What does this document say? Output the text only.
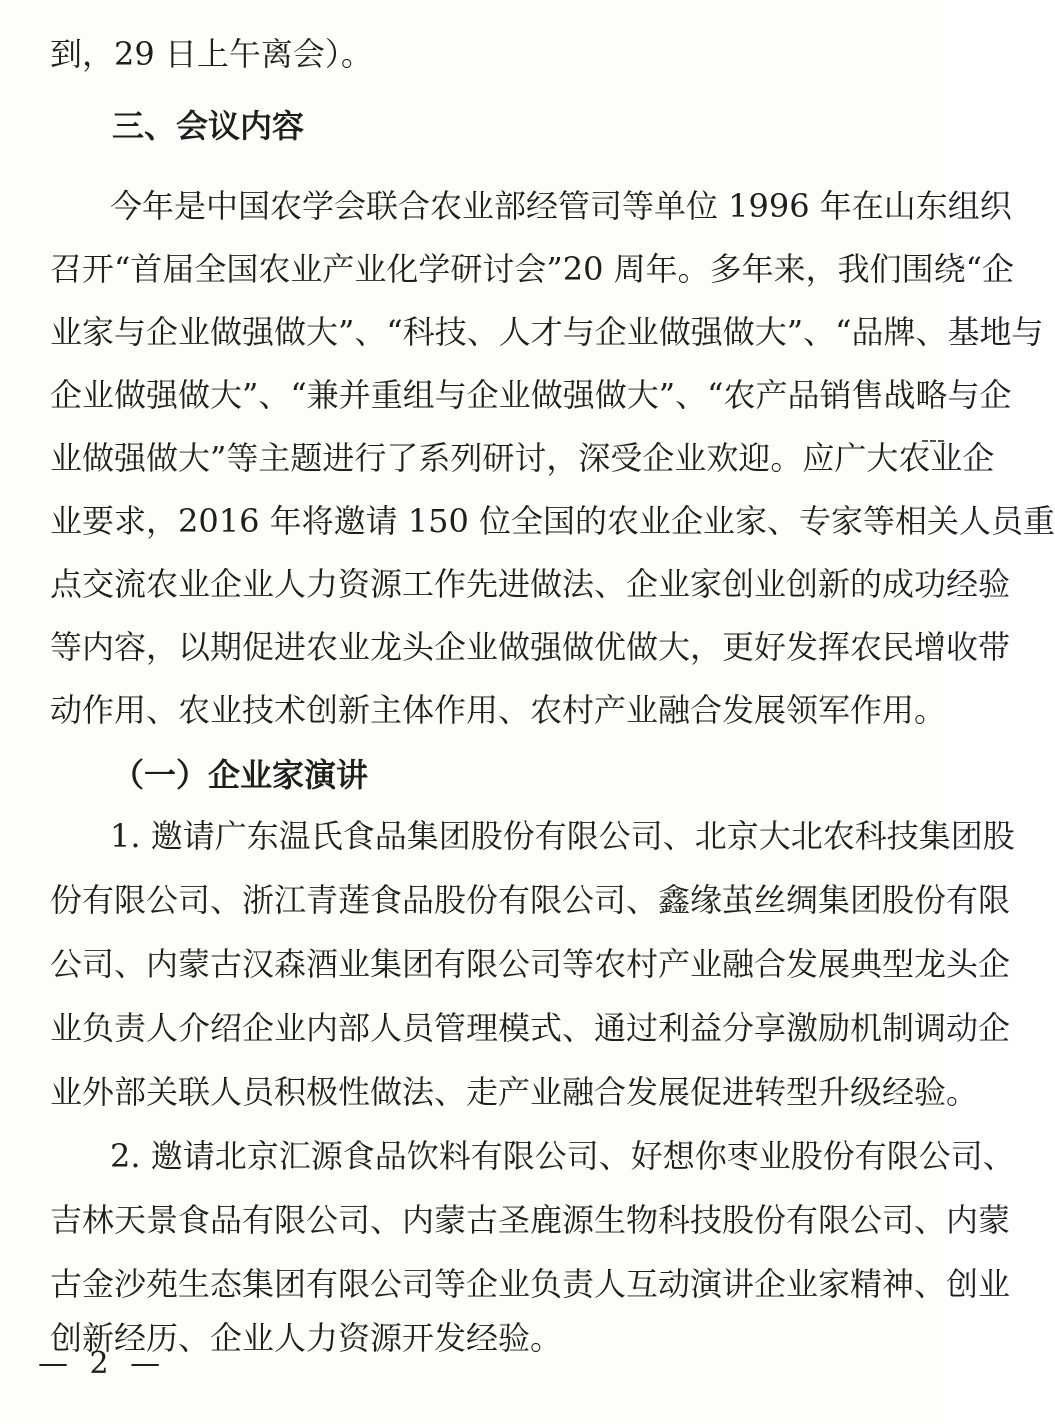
到，29 日上午离会）。
三、会议内容
今年是中国农学会联合农业部经管司等单位 1996 年在山东组织
召开“首届全国农业产业化学研讨会”20 周年。多年来，我们围绕“企
业家与企业做强做大”、“科技、人才与企业做强做大”、“品牌、基地与
企业做强做大”、“兼并重组与企业做强做大”、“农产品销售战略与企
业做强做大”等主题进行了系列研讨，深受企业欢迎。应广大农业企
业要求，2016 年将邀请 150 位全国的农业企业家、专家等相关人员重
点交流农业企业人力资源工作先进做法、企业家创业创新的成功经验
等内容，以期促进农业龙头企业做强做优做大，更好发挥农民增收带
动作用、农业技术创新主体作用、农村产业融合发展领军作用。
（一）企业家演讲
1. 邀请广东温氏食品集团股份有限公司、北京大北农科技集团股
份有限公司、浙江青莲食品股份有限公司、鑫缘茧丝绸集团股份有限
公司、内蒙古汉森酒业集团有限公司等农村产业融合发展典型龙头企
业负责人介绍企业内部人员管理模式、通过利益分享激励机制调动企
业外部关联人员积极性做法、走产业融合发展促进转型升级经验。
2. 邀请北京汇源食品饮料有限公司、好想你枣业股份有限公司、
吉林天景食品有限公司、内蒙古圣鹿源生物科技股份有限公司、内蒙
古金沙苑生态集团有限公司等企业负责人互动演讲企业家精神、创业
创新经历、企业人力资源开发经验。
— 2 —
